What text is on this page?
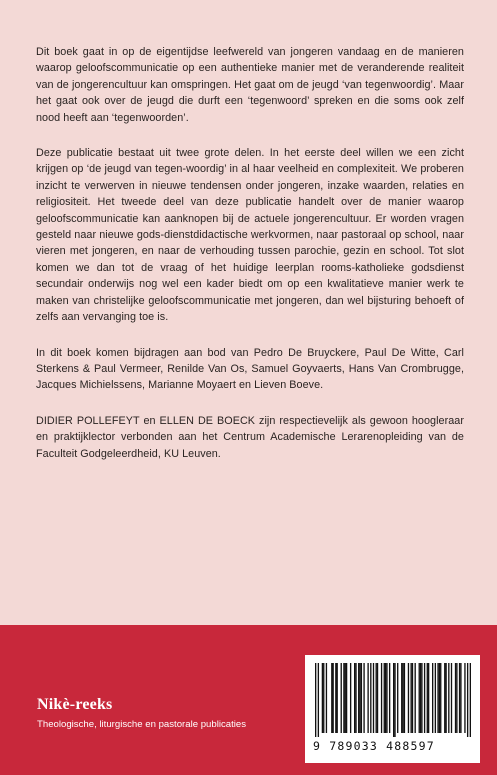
Dit boek gaat in op de eigentijdse leefwereld van jongeren vandaag en de manieren waarop geloofscommunicatie op een authentieke manier met de veranderende realiteit van de jongerencultuur kan omspringen. Het gaat om de jeugd ‘van tegenwoordig’. Maar het gaat ook over de jeugd die durft een ‘tegenwoord’ spreken en die soms ook zelf nood heeft aan ‘tegenwoorden’.

Deze publicatie bestaat uit twee grote delen. In het eerste deel willen we een zicht krijgen op ‘de jeugd van tegen-woordig’ in al haar veelheid en complexiteit. We proberen inzicht te verwerven in nieuwe tendensen onder jongeren, inzake waarden, relaties en religiositeit. Het tweede deel van deze publicatie handelt over de manier waarop geloofscommunicatie kan aanknopen bij de actuele jongerencultuur. Er worden vragen gesteld naar nieuwe gods-dienstdidactische werkvormen, naar pastoraal op school, naar vieren met jongeren, en naar de verhouding tussen parochie, gezin en school. Tot slot komen we dan tot de vraag of het huidige leerplan rooms-katholieke godsdienst secundair onderwijs nog wel een kader biedt om op een kwalitatieve manier werk te maken van christelijke geloofscommunicatie met jongeren, dan wel bijsturing behoeft of zelfs aan vervanging toe is.

In dit boek komen bijdragen aan bod van Pedro De Bruyckere, Paul De Witte, Carl Sterkens & Paul Vermeer, Renilde Van Os, Samuel Goyvaerts, Hans Van Crombrugge, Jacques Michielssens, Marianne Moyaert en Lieven Boeve.

DIDIER POLLEFEYT en ELLEN DE BOECK zijn respectievelijk als gewoon hoogleraar en praktijklector verbonden aan het Centrum Academische Lerarenopleiding van de Faculteit Godgeleerdheid, KU Leuven.

Nikè-reeks
Theologische, liturgische en pastorale publicaties
9 789033 488597
